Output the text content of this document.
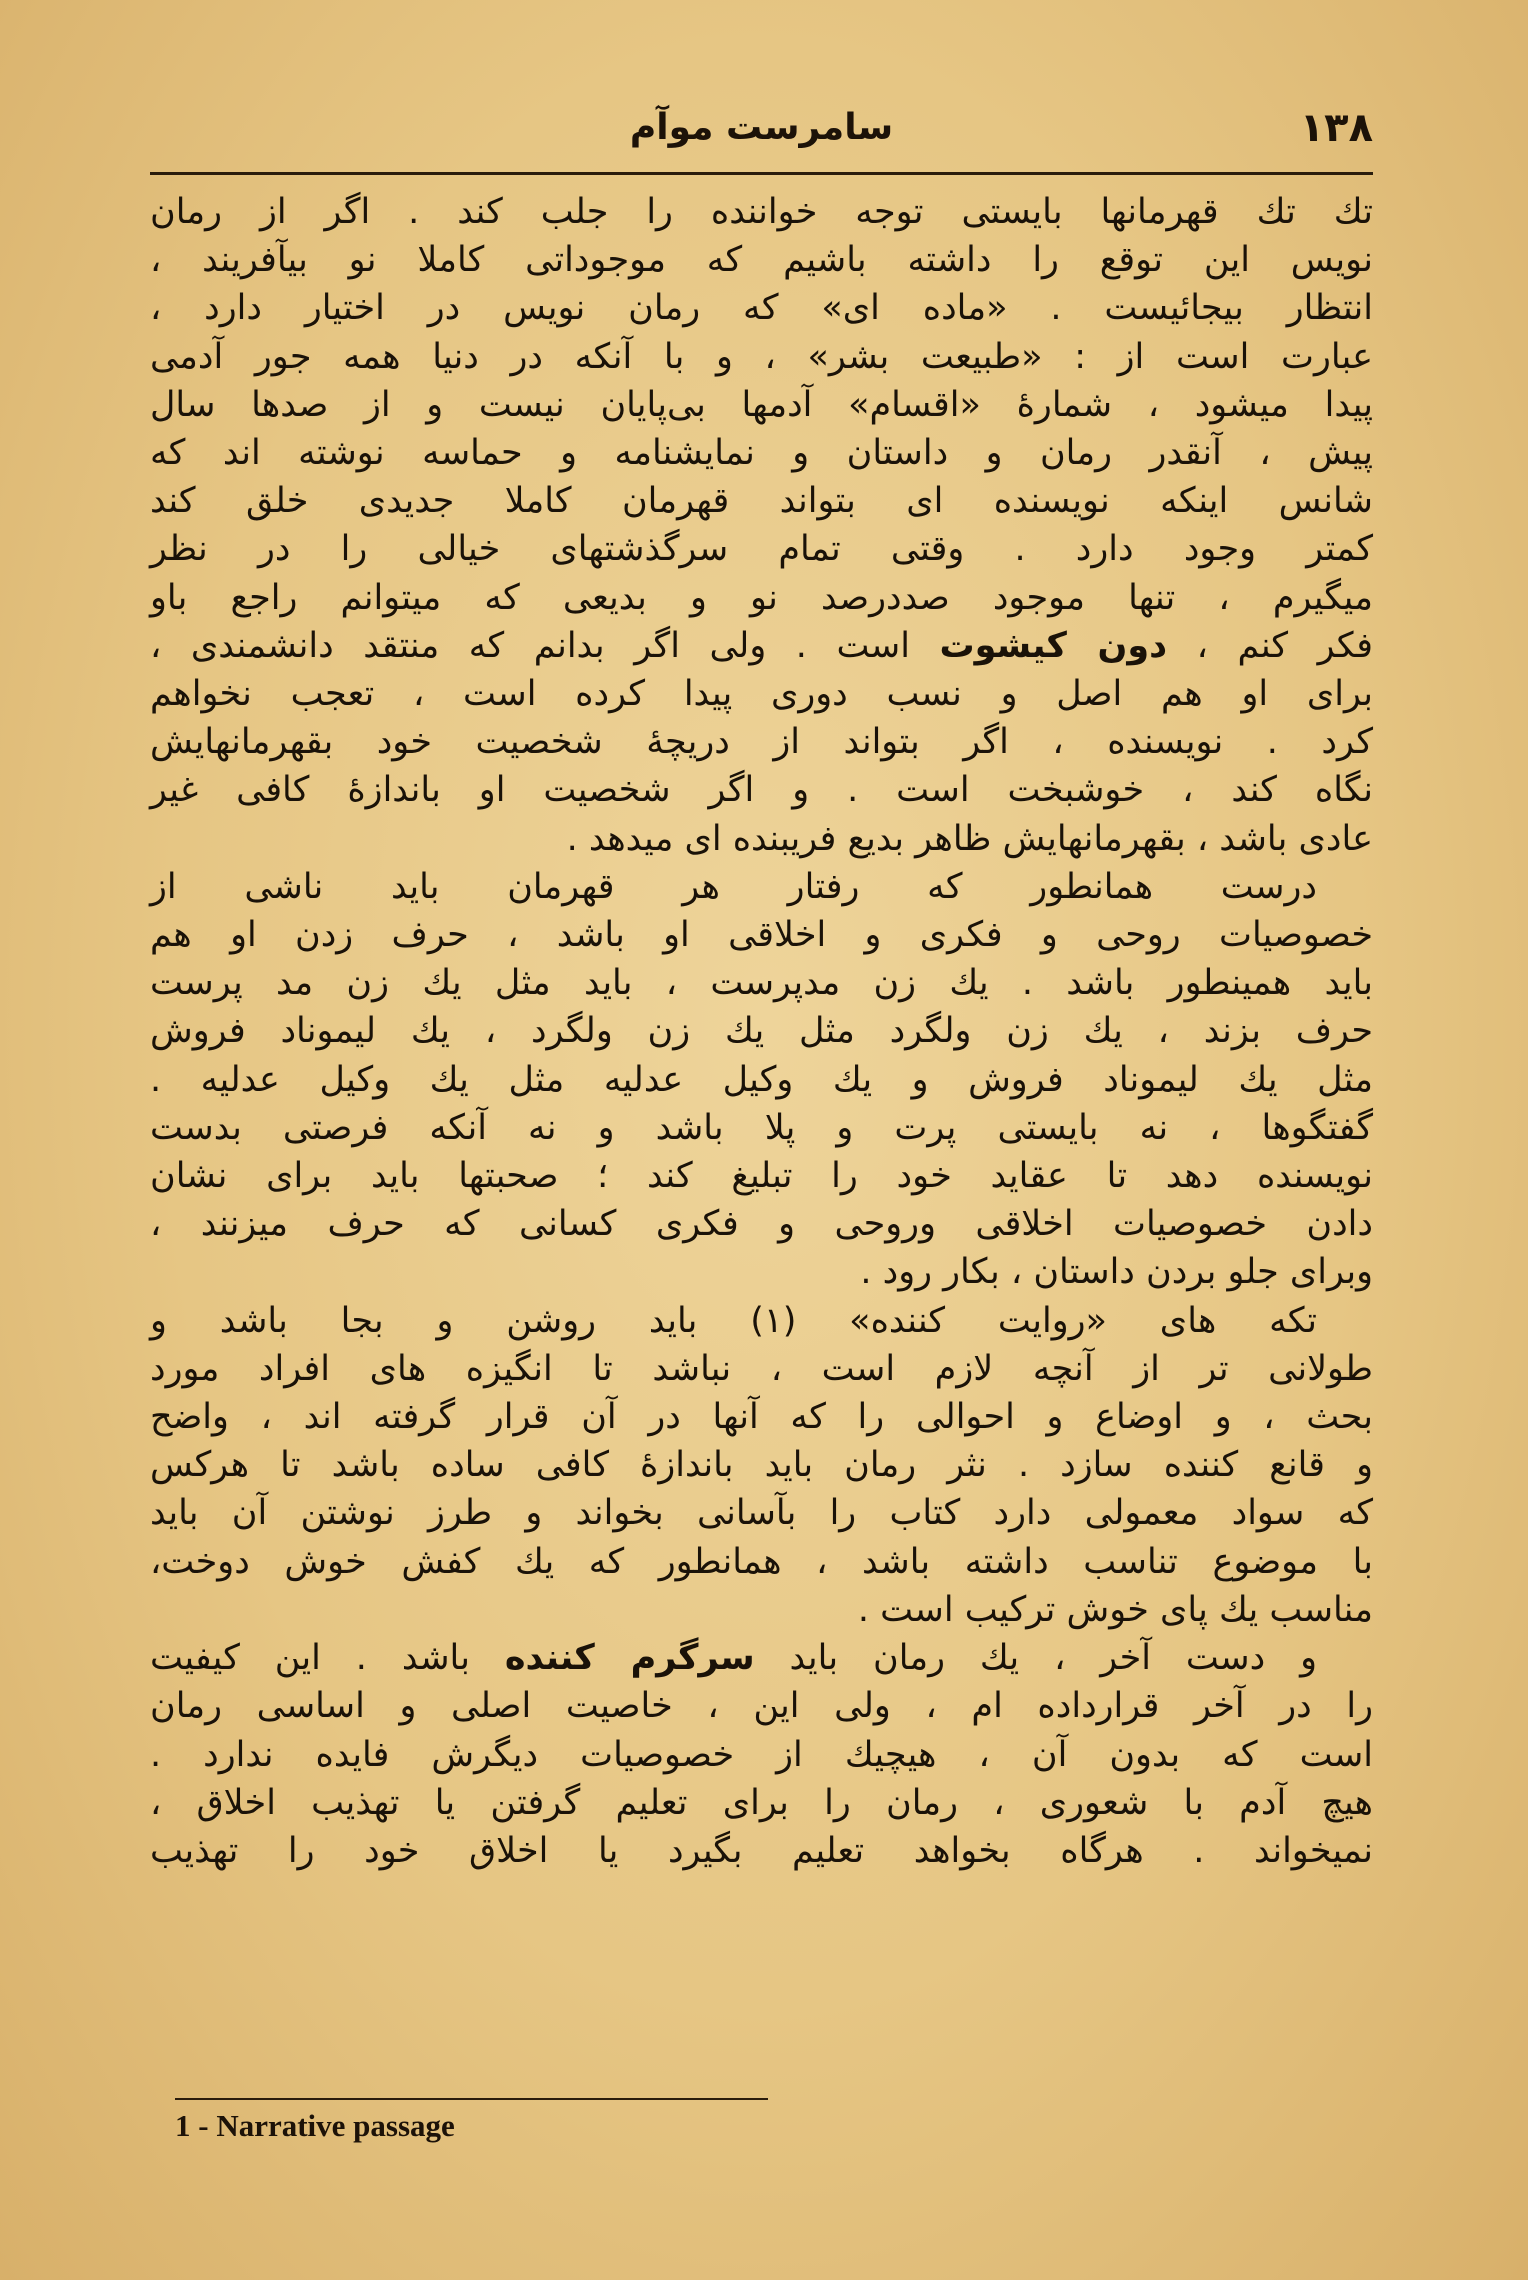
۱۳۸
سامرست موآم
تك تك قهرمانها بایستی توجه خواننده را جلب کند . اگر از رمان
نویس این توقع را داشته باشیم که موجوداتی کاملا نو بیآفریند ،
انتظار بیجائیست . «ماده ای» که رمان نویس در اختیار دارد ،
عبارت است از : «طبیعت بشر» ، و با آنکه در دنیا همه جور آدمی
پیدا میشود ، شمارهٔ «اقسام» آدمها بی‌پایان نیست و از صدها سال
پیش ، آنقدر رمان و داستان و نمایشنامه و حماسه نوشته اند که
شانس اینکه نویسنده ای بتواند قهرمان کاملا جدیدی خلق کند
کمتر وجود دارد . وقتی تمام سرگذشتهای خیالی را در نظر
میگیرم ، تنها موجود صددرصد نو و بدیعی که میتوانم راجع باو
فکر کنم ، دون کیشوت است . ولی اگر بدانم که منتقد دانشمندی ،
برای او هم اصل و نسب دوری پیدا کرده است ، تعجب نخواهم
کرد . نویسنده ، اگر بتواند از دریچهٔ شخصیت خود بقهرمانهایش
نگاه کند ، خوشبخت است . و اگر شخصیت او باندازهٔ کافی غیر
عادی باشد ، بقهرمانهایش ظاهر بدیع فریبنده ای میدهد .
درست همانطور که رفتار هر قهرمان باید ناشی از
خصوصیات روحی و فکری و اخلاقی او باشد ، حرف زدن او هم
باید همینطور باشد . یك زن مدپرست ، باید مثل یك زن مد پرست
حرف بزند ، یك زن ولگرد مثل یك زن ولگرد ، یك لیموناد فروش
مثل یك لیموناد فروش و یك وکیل عدلیه مثل یك وکیل عدلیه .
گفتگوها ، نه بایستی پرت و پلا باشد و نه آنکه فرصتی بدست
نویسنده دهد تا عقاید خود را تبلیغ کند ؛ صحبتها باید برای نشان
دادن خصوصیات اخلاقی وروحی و فکری کسانی که حرف میزنند ،
وبرای جلو بردن داستان ، بکار رود .
تکه های «روایت کننده» (۱) باید روشن و بجا باشد و
طولانی تر از آنچه لازم است ، نباشد تا انگیزه های افراد مورد
بحث ، و اوضاع و احوالی را که آنها در آن قرار گرفته اند ، واضح
و قانع کننده سازد . نثر رمان باید باندازهٔ کافی ساده باشد تا هرکس
که سواد معمولی دارد کتاب را بآسانی بخواند و طرز نوشتن آن باید
با موضوع تناسب داشته باشد ، همانطور که یك کفش خوش دوخت،
مناسب یك پای خوش ترکیب است .
و دست آخر ، یك رمان باید سرگرم کننده باشد . این کیفیت
را در آخر قرارداده ام ، ولی این ، خاصیت اصلی و اساسی رمان
است که بدون آن ، هیچیك از خصوصیات دیگرش فایده ندارد .
هیچ آدم با شعوری ، رمان را برای تعلیم گرفتن یا تهذیب اخلاق ،
نمیخواند . هرگاه بخواهد تعلیم بگیرد یا اخلاق خود را تهذیب
1 - Narrative passage
